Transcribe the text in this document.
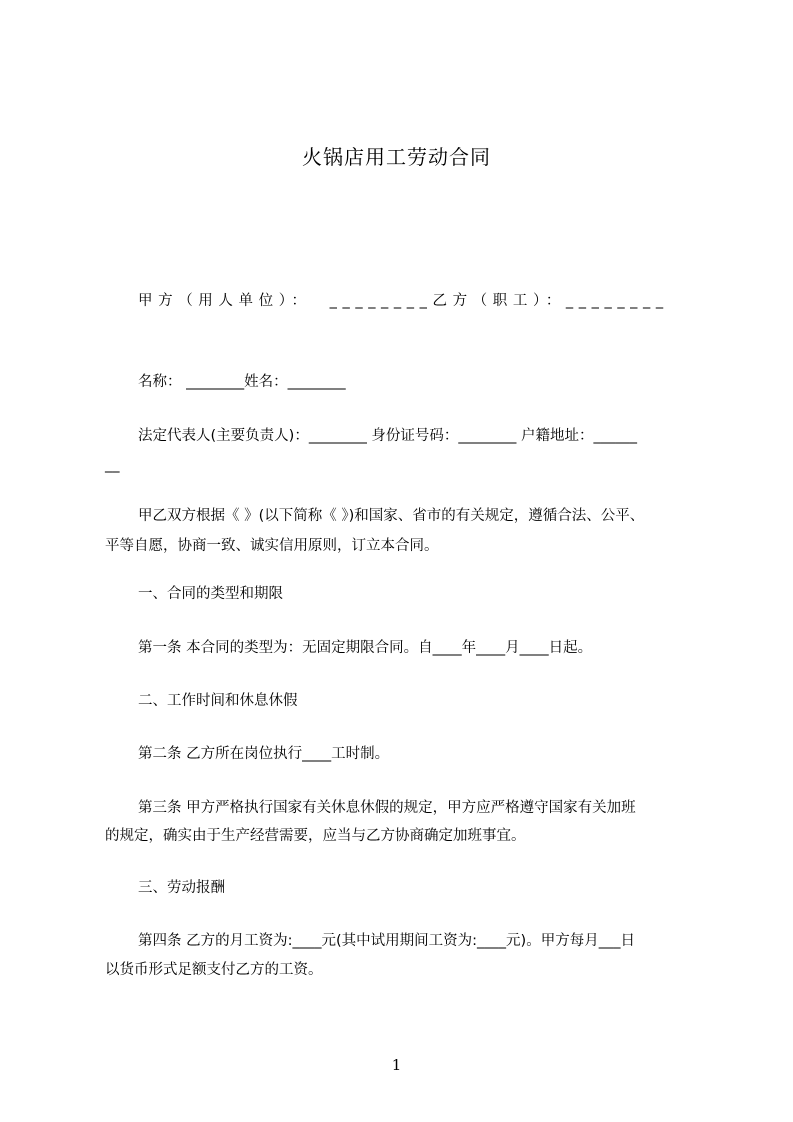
火锅店用工劳动合同
甲方（用人单位）： ________乙方（职工）：________
名称： ________姓名：________
法定代表人(主要负责人)：________ 身份证号码：________ 户籍地址：______
__
甲乙双方根据《 》(以下简称《 》)和国家、省市的有关规定，遵循合法、公平、
平等自愿，协商一致、诚实信用原则，订立本合同。
一、合同的类型和期限
第一条 本合同的类型为：无固定期限合同。自____年____月____日起。
二、工作时间和休息休假
第二条 乙方所在岗位执行____工时制。
第三条 甲方严格执行国家有关休息休假的规定，甲方应严格遵守国家有关加班
的规定，确实由于生产经营需要，应当与乙方协商确定加班事宜。
三、劳动报酬
第四条 乙方的月工资为:____元(其中试用期间工资为:____元)。甲方每月___日
以货币形式足额支付乙方的工资。
1
